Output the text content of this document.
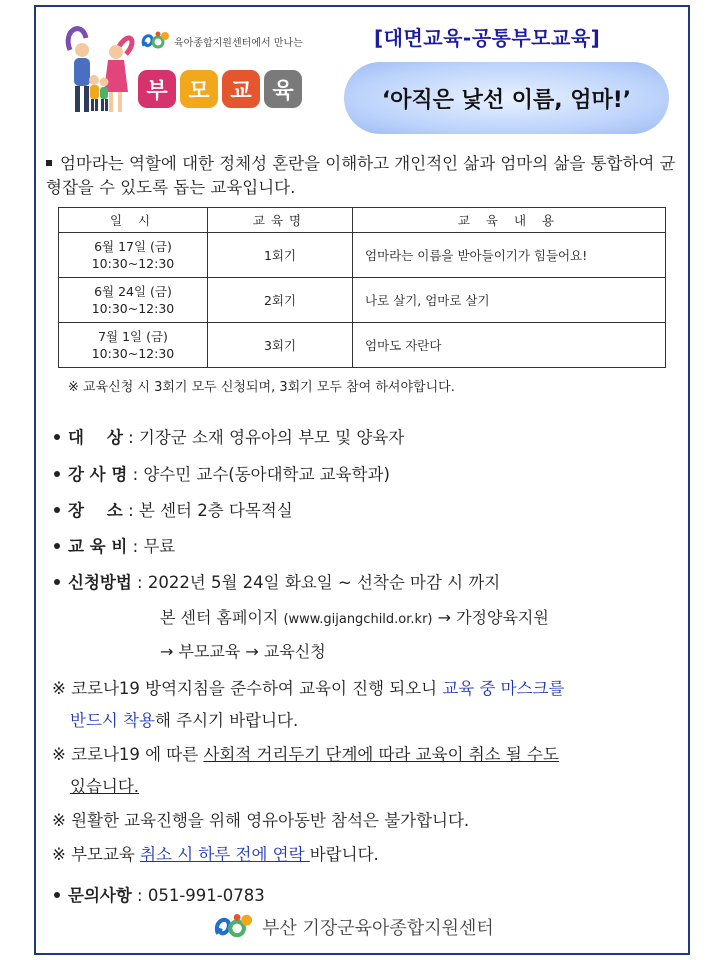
육아종합지원센터에서 만나는
부 모 교 육
[대면교육-공통부모교육]
‘아직은 낯선 이름, 엄마!’
엄마라는 역할에 대한 정체성 혼란을 이해하고 개인적인 삶과 엄마의 삶을 통합하여 균형잡을 수 있도록 돕는 교육입니다.
일 시	교육명	교 육 내 용

6월 17일 (금)
10:30~12:30	1회기	엄마라는 이름을 받아들이기가 힘들어요!

6월 24일 (금)
10:30~12:30	2회기	나로 살기, 엄마로 살기

7월 1일 (금)
10:30~12:30	3회기	엄마도 자란다
※ 교육신청 시 3회기 모두 신청되며, 3회기 모두 참여 하셔야합니다.
대    상 : 기장군 소재 영유아의 부모 및 양육자
강 사 명 : 양수민 교수(동아대학교 교육학과)
장    소 : 본 센터 2층 다목적실
교 육 비 : 무료
신청방법 : 2022년 5월 24일 화요일 ~ 선착순 마감 시 까지
본 센터 홈페이지 (www.gijangchild.or.kr) → 가정양육지원
→ 부모교육 → 교육신청
※ 코로나19 방역지침을 준수하여 교육이 진행 되오니 교육 중 마스크를
반드시 착용해 주시기 바랍니다.
※ 코로나19 에 따른 사회적 거리두기 단계에 따라 교육이 취소 될 수도
있습니다.
※ 원활한 교육진행을 위해 영유아동반 참석은 불가합니다.
※ 부모교육 취소 시 하루 전에 연락 바랍니다.
문의사항 : 051-991-0783
부산 기장군육아종합지원센터
